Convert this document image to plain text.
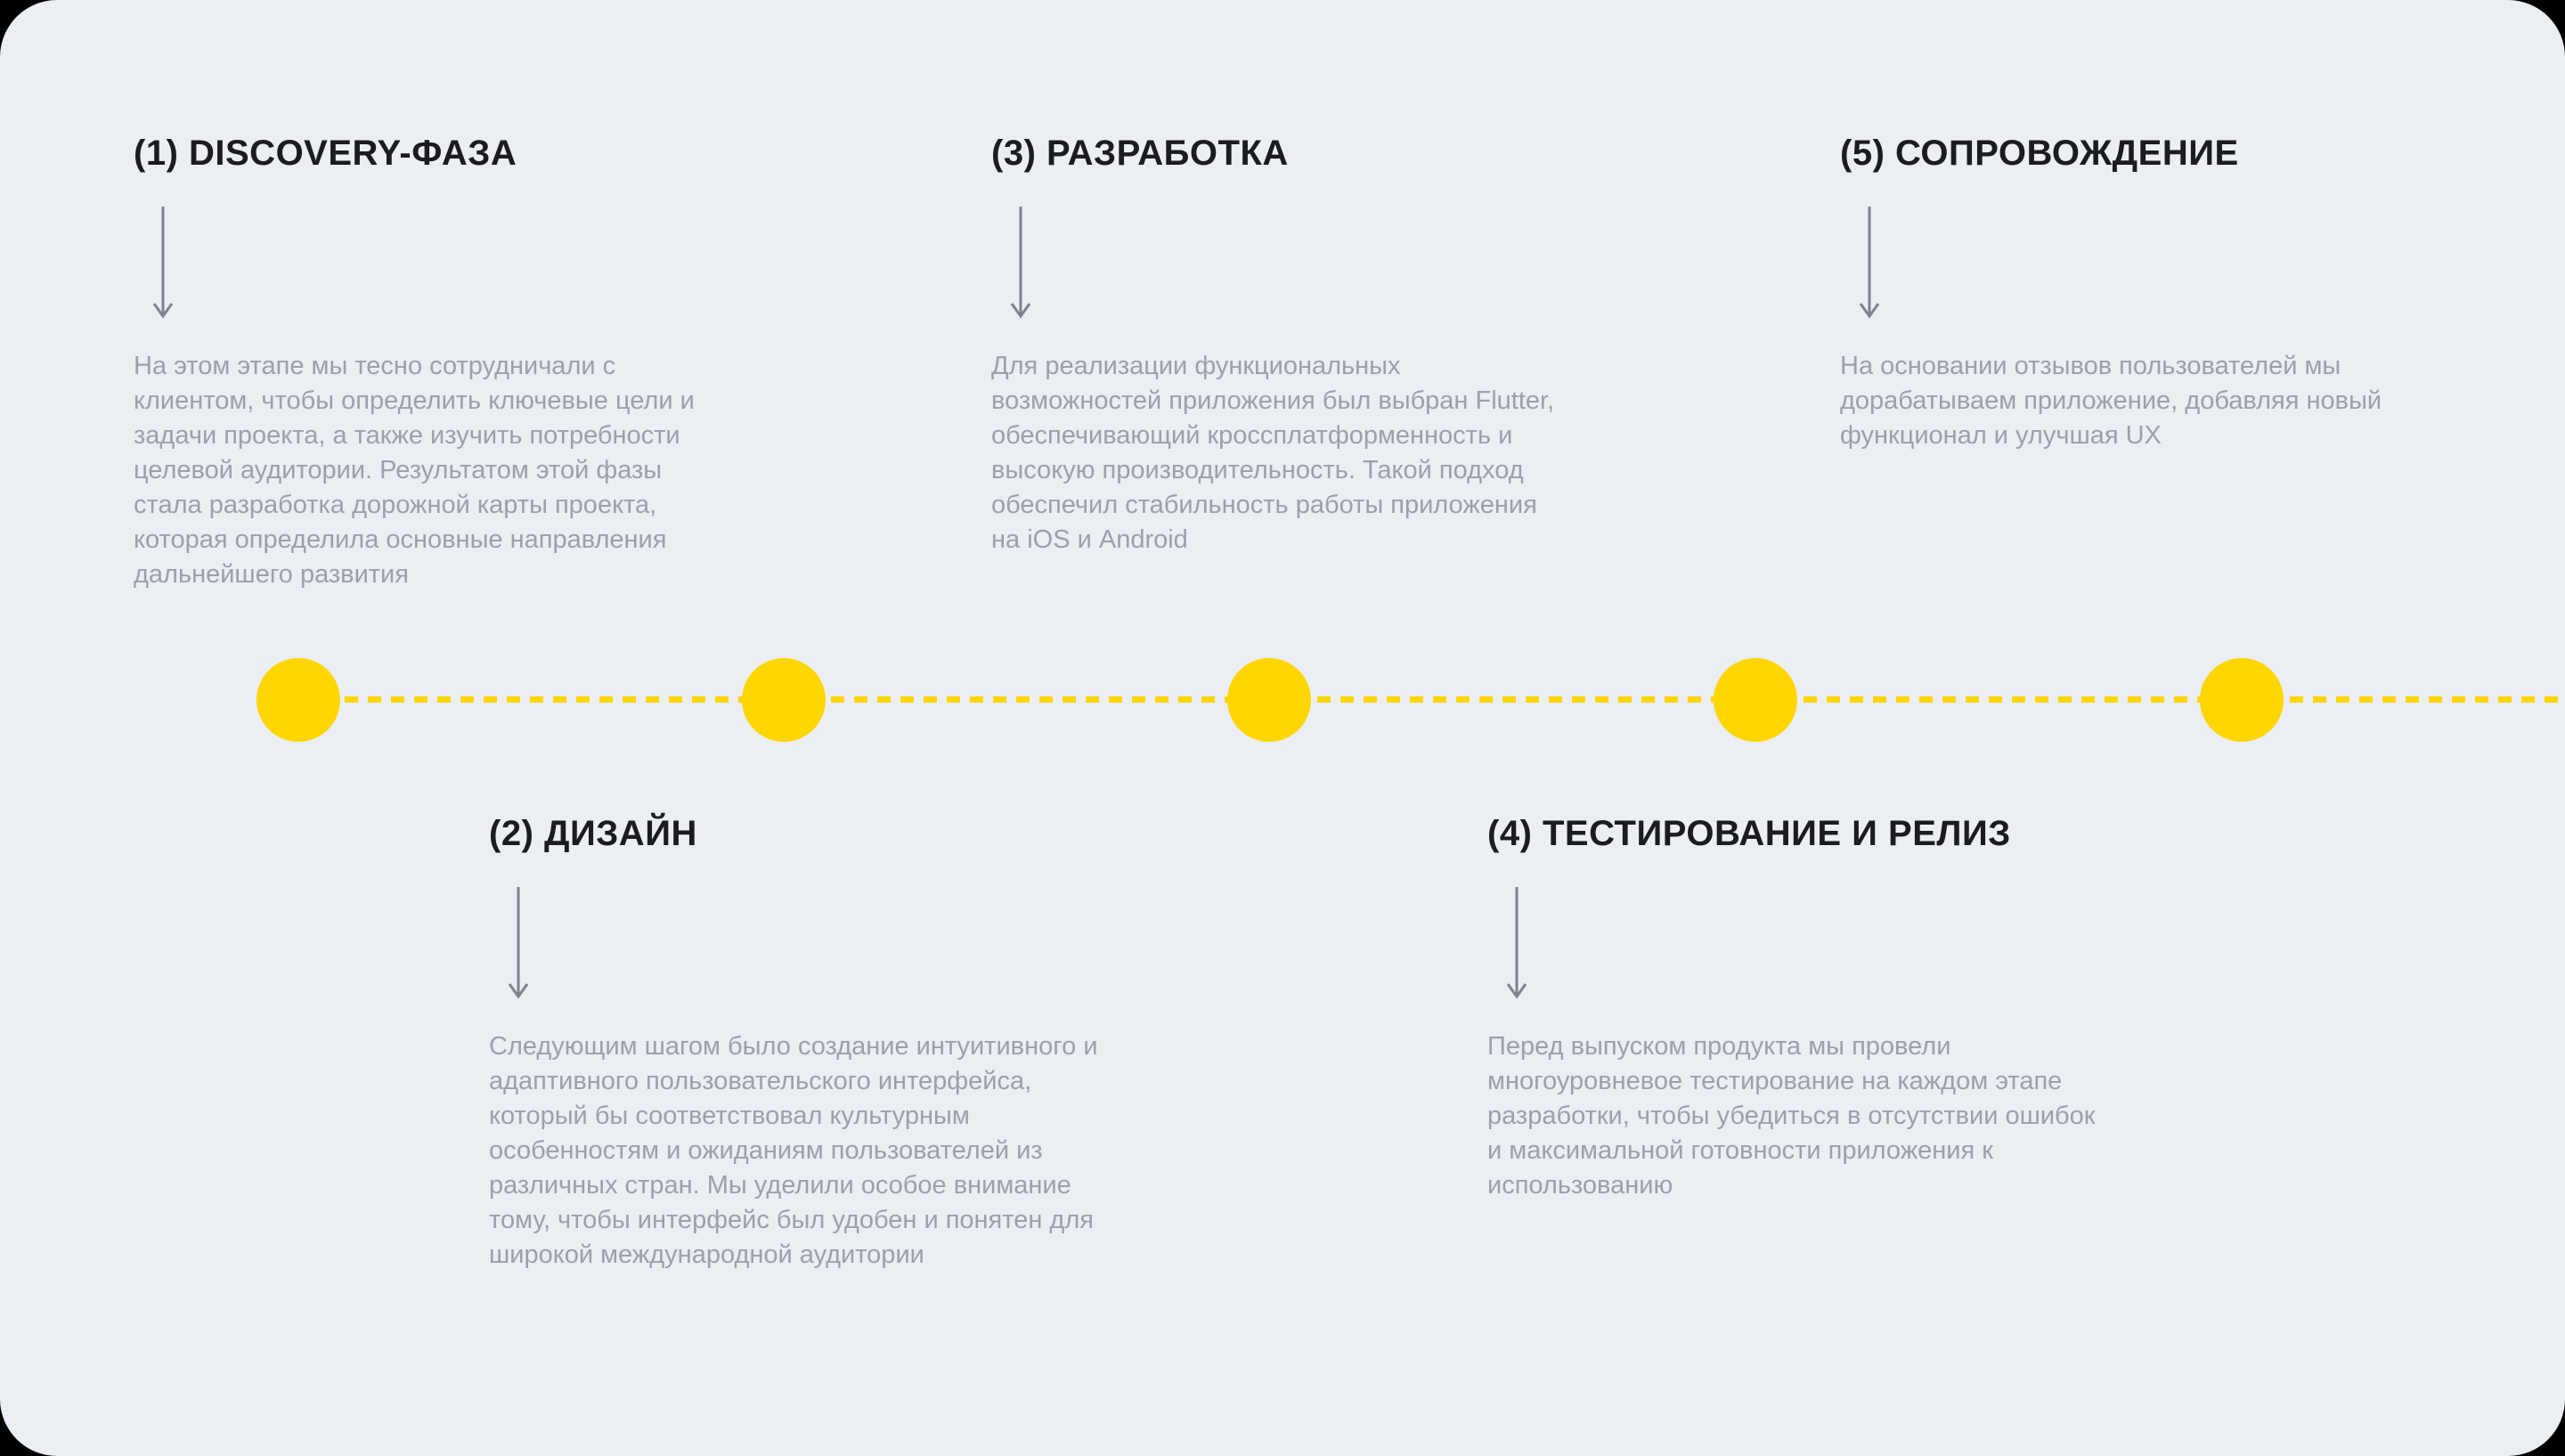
(1) DISCOVERY-ФАЗА

На этом этапе мы тесно сотрудничали с клиентом, чтобы определить ключевые цели и задачи проекта, а также изучить потребности целевой аудитории. Результатом этой фазы стала разработка дорожной карты проекта, которая определила основные направления дальнейшего развития

(3) РАЗРАБОТКА

Для реализации функциональных возможностей приложения был выбран Flutter, обеспечивающий кроссплатформенность и высокую производительность. Такой подход обеспечил стабильность работы приложения на iOS и Android

(5) СОПРОВОЖДЕНИЕ

На основании отзывов пользователей мы дорабатываем приложение, добавляя новый функционал и улучшая UX

(2) ДИЗАЙН

Следующим шагом было создание интуитивного и адаптивного пользовательского интерфейса, который бы соответствовал культурным особенностям и ожиданиям пользователей из различных стран. Мы уделили особое внимание тому, чтобы интерфейс был удобен и понятен для широкой международной аудитории

(4) ТЕСТИРОВАНИЕ И РЕЛИЗ

Перед выпуском продукта мы провели многоуровневое тестирование на каждом этапе разработки, чтобы убедиться в отсутствии ошибок и максимальной готовности приложения к использованию
